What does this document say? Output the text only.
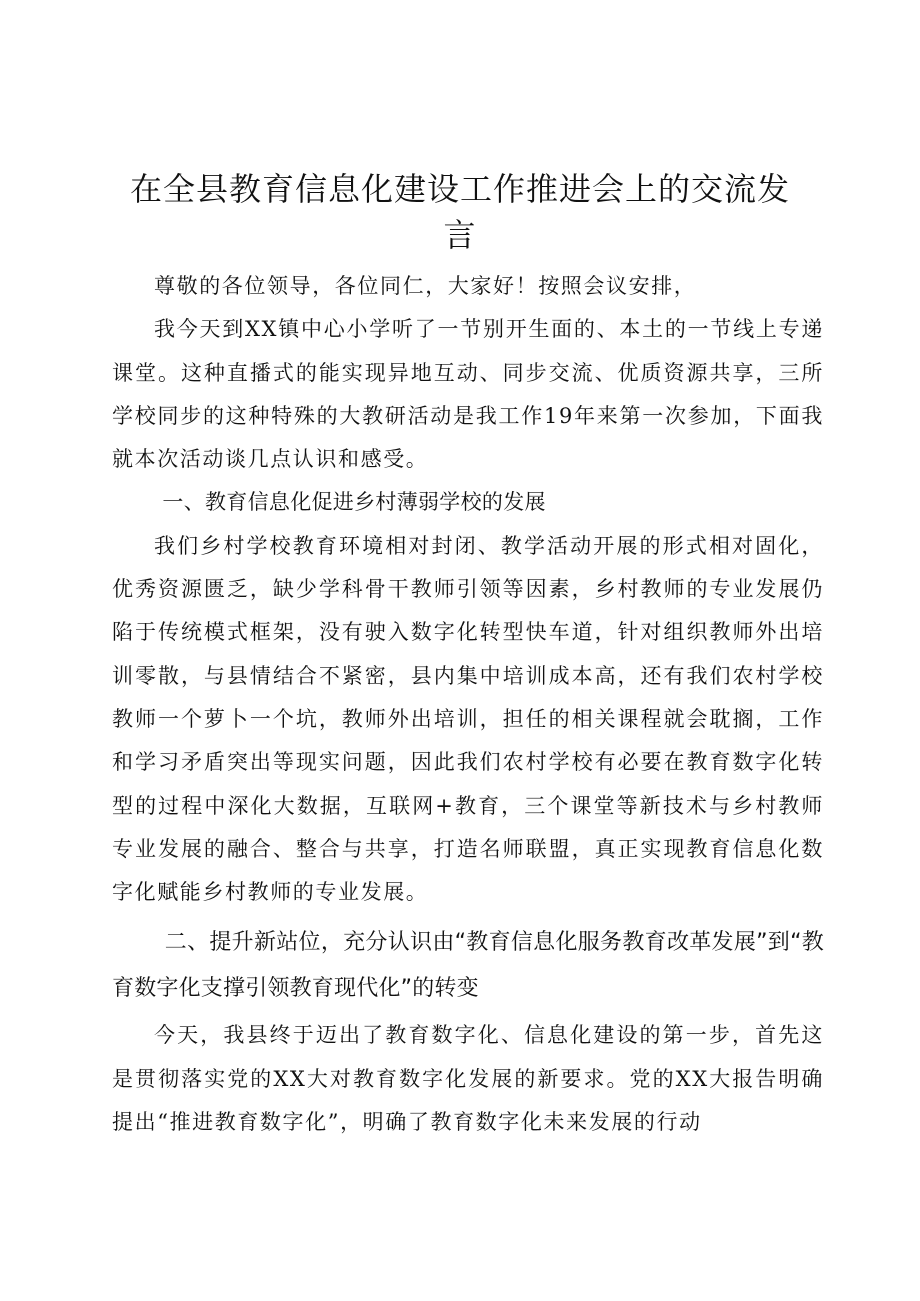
在全县教育信息化建设工作推进会上的交流发言

尊敬的各位领导，各位同仁，大家好！按照会议安排，

我今天到XX镇中心小学听了一节别开生面的、本土的一节线上专递课堂。这种直播式的能实现异地互动、同步交流、优质资源共享，三所学校同步的这种特殊的大教研活动是我工作19年来第一次参加，下面我就本次活动谈几点认识和感受。

一、教育信息化促进乡村薄弱学校的发展

我们乡村学校教育环境相对封闭、教学活动开展的形式相对固化，优秀资源匮乏，缺少学科骨干教师引领等因素，乡村教师的专业发展仍陷于传统模式框架，没有驶入数字化转型快车道，针对组织教师外出培训零散，与县情结合不紧密，县内集中培训成本高，还有我们农村学校教师一个萝卜一个坑，教师外出培训，担任的相关课程就会耽搁，工作和学习矛盾突出等现实问题，因此我们农村学校有必要在教育数字化转型的过程中深化大数据，互联网+教育，三个课堂等新技术与乡村教师专业发展的融合、整合与共享，打造名师联盟，真正实现教育信息化数字化赋能乡村教师的专业发展。

二、提升新站位，充分认识由“教育信息化服务教育改革发展”到“教育数字化支撑引领教育现代化”的转变

今天，我县终于迈出了教育数字化、信息化建设的第一步，首先这是贯彻落实党的XX大对教育数字化发展的新要求。党的XX大报告明确提出“推进教育数字化”，明确了教育数字化未来发展的行动
